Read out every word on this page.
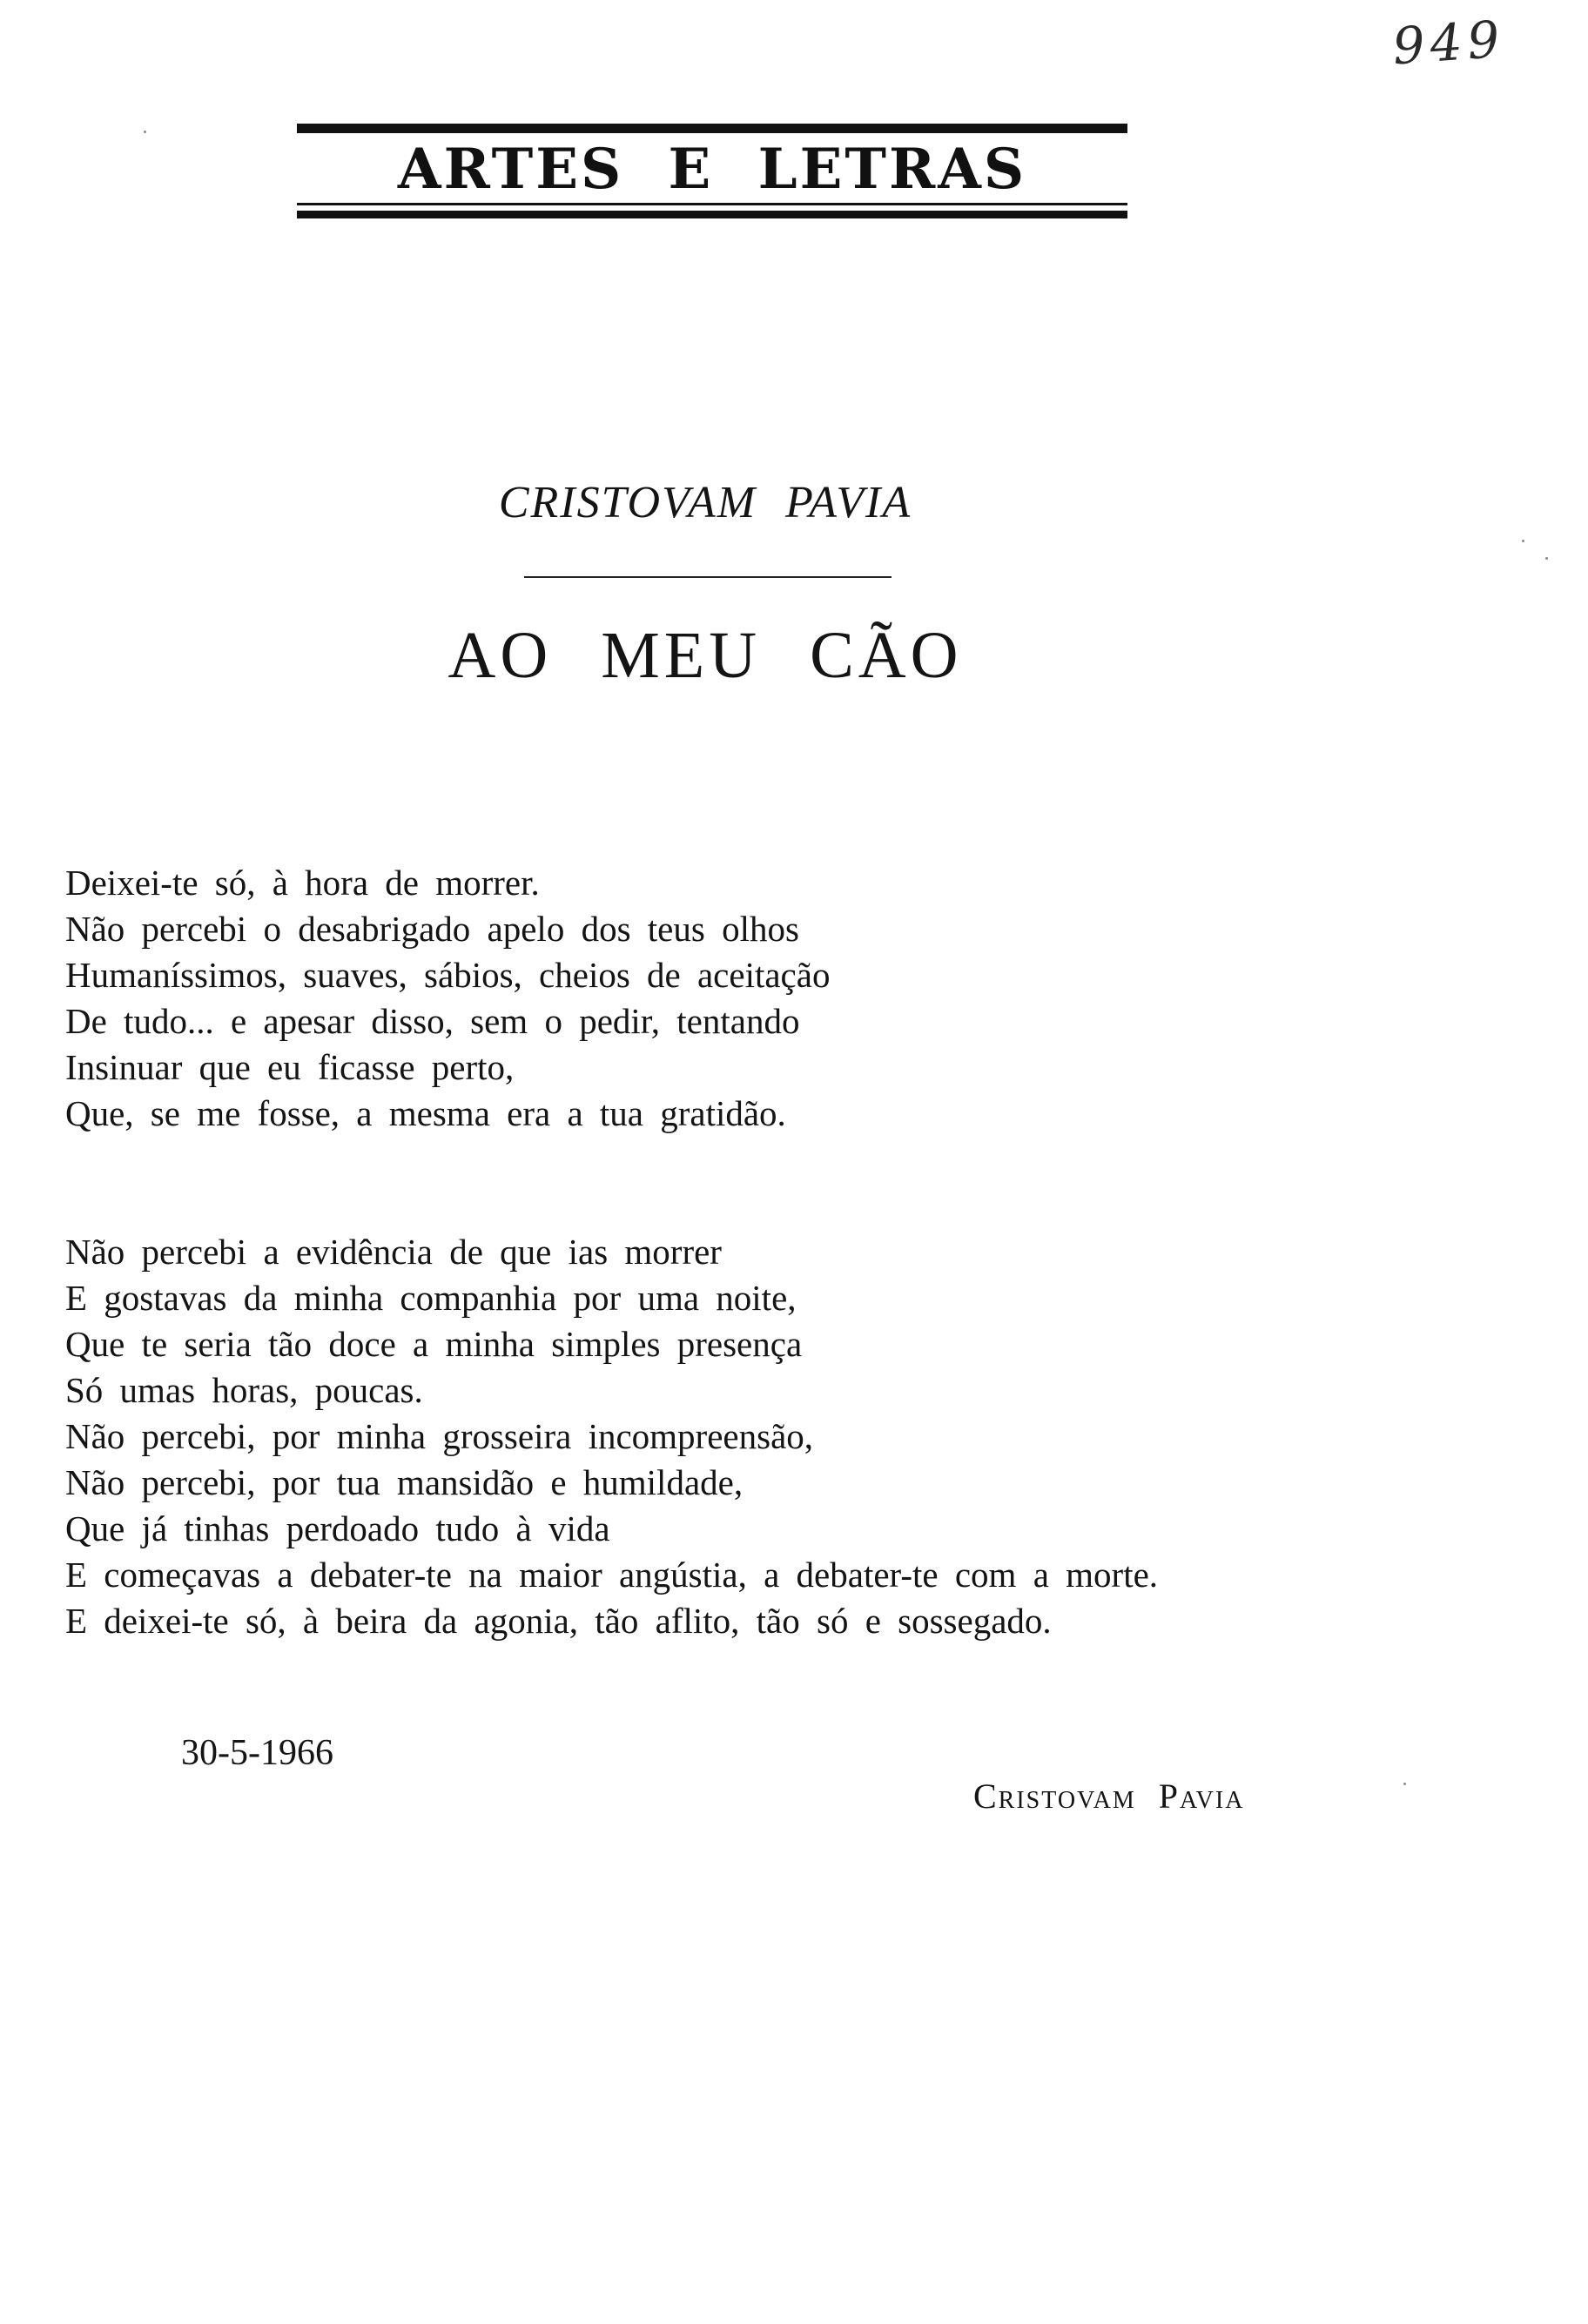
949
ARTES E LETRAS
CRISTOVAM PAVIA
AO MEU CÃO

Deixei-te só, à hora de morrer.
Não percebi o desabrigado apelo dos teus olhos
Humaníssimos, suaves, sábios, cheios de aceitação
De tudo... e apesar disso, sem o pedir, tentando
Insinuar que eu ficasse perto,
Que, se me fosse, a mesma era a tua gratidão.

Não percebi a evidência de que ias morrer
E gostavas da minha companhia por uma noite,
Que te seria tão doce a minha simples presença
Só umas horas, poucas.
Não percebi, por minha grosseira incompreensão,
Não percebi, por tua mansidão e humildade,
Que já tinhas perdoado tudo à vida
E começavas a debater-te na maior angústia, a debater-te com a morte.
E deixei-te só, à beira da agonia, tão aflito, tão só e sossegado.

30-5-1966
Cristovam Pavia
